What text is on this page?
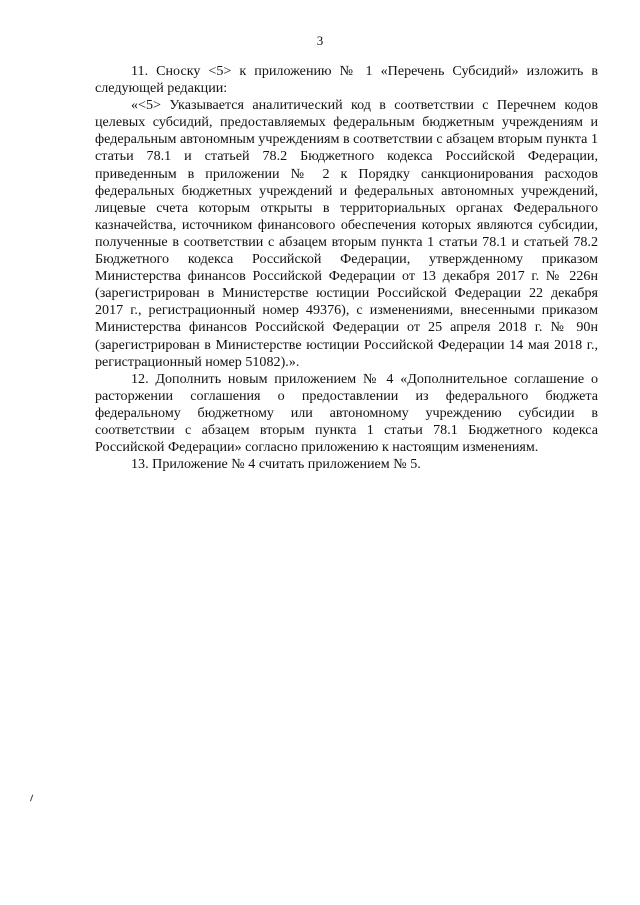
3

11. Сноску <5> к приложению № 1 «Перечень Субсидий» изложить в следующей редакции:

«<5> Указывается аналитический код в соответствии с Перечнем кодов целевых субсидий, предоставляемых федеральным бюджетным учреждениям и федеральным автономным учреждениям в соответствии с абзацем вторым пункта 1 статьи 78.1 и статьей 78.2 Бюджетного кодекса Российской Федерации, приведенным в приложении № 2 к Порядку санкционирования расходов федеральных бюджетных учреждений и федеральных автономных учреждений, лицевые счета которым открыты в территориальных органах Федерального казначейства, источником финансового обеспечения которых являются субсидии, полученные в соответствии с абзацем вторым пункта 1 статьи 78.1 и статьей 78.2 Бюджетного кодекса Российской Федерации, утвержденному приказом Министерства финансов Российской Федерации от 13 декабря 2017 г. № 226н (зарегистрирован в Министерстве юстиции Российской Федерации 22 декабря 2017 г., регистрационный номер 49376), с изменениями, внесенными приказом Министерства финансов Российской Федерации от 25 апреля 2018 г. № 90н (зарегистрирован в Министерстве юстиции Российской Федерации 14 мая 2018 г., регистрационный номер 51082).».

12. Дополнить новым приложением № 4 «Дополнительное соглашение о расторжении соглашения о предоставлении из федерального бюджета федеральному бюджетному или автономному учреждению субсидии в соответствии с абзацем вторым пункта 1 статьи 78.1 Бюджетного кодекса Российской Федерации» согласно приложению к настоящим изменениям.

13. Приложение № 4 считать приложением № 5.
